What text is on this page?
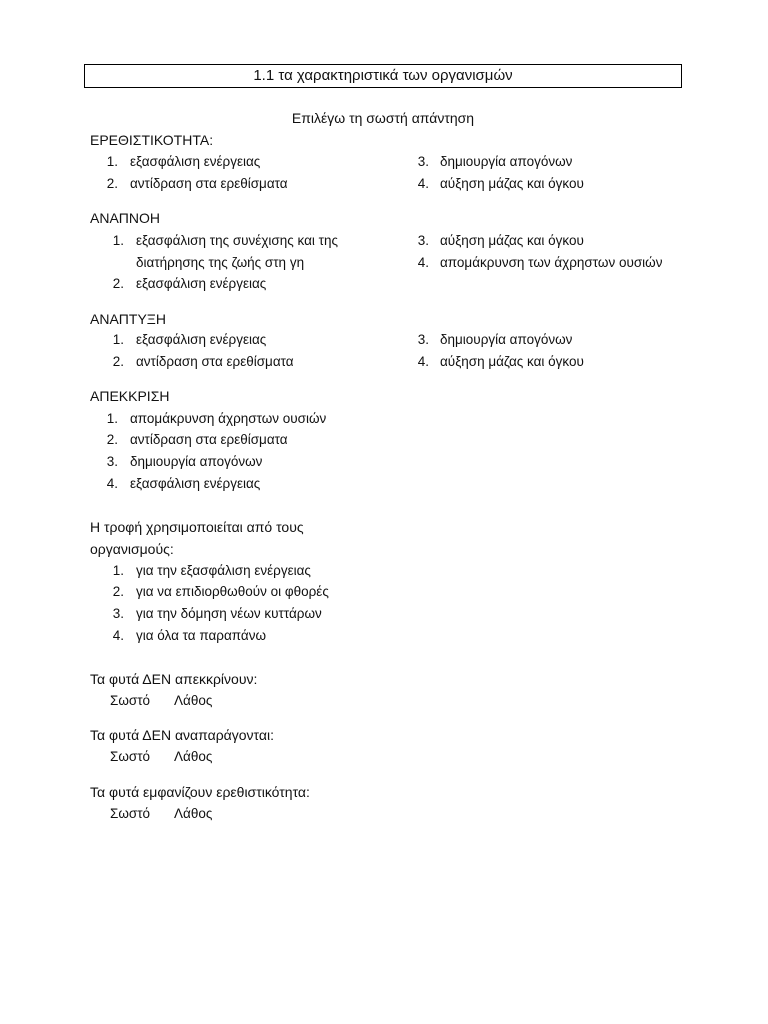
1.1 τα χαρακτηριστικά των οργανισμών
Επιλέγω τη σωστή απάντηση
ΕΡΕΘΙΣΤΙΚΟΤΗΤΑ:
1. εξασφάλιση ενέργειας
2. αντίδραση στα ερεθίσματα
3. δημιουργία απογόνων
4. αύξηση μάζας και όγκου
ΑΝΑΠΝΟΗ
1. εξασφάλιση της συνέχισης και της
διατήρησης της ζωής στη γη
2. εξασφάλιση ενέργειας
3. αύξηση μάζας και όγκου
4. απομάκρυνση των άχρηστων ουσιών
ΑΝΑΠΤΥΞΗ
1. εξασφάλιση ενέργειας
2. αντίδραση στα ερεθίσματα
3. δημιουργία απογόνων
4. αύξηση μάζας και όγκου
ΑΠΕΚΚΡΙΣΗ
1. απομάκρυνση άχρηστων ουσιών
2. αντίδραση στα ερεθίσματα
3. δημιουργία απογόνων
4. εξασφάλιση ενέργειας
Η τροφή χρησιμοποιείται από τους
οργανισμούς:
1. για την εξασφάλιση ενέργειας
2. για να επιδιορθωθούν οι φθορές
3. για την δόμηση νέων κυττάρων
4. για όλα τα παραπάνω
Τα φυτά ΔΕΝ απεκκρίνουν:
Σωστό Λάθος
Τα φυτά ΔΕΝ αναπαράγονται:
Σωστό Λάθος
Τα φυτά εμφανίζουν ερεθιστικότητα:
Σωστό Λάθος
